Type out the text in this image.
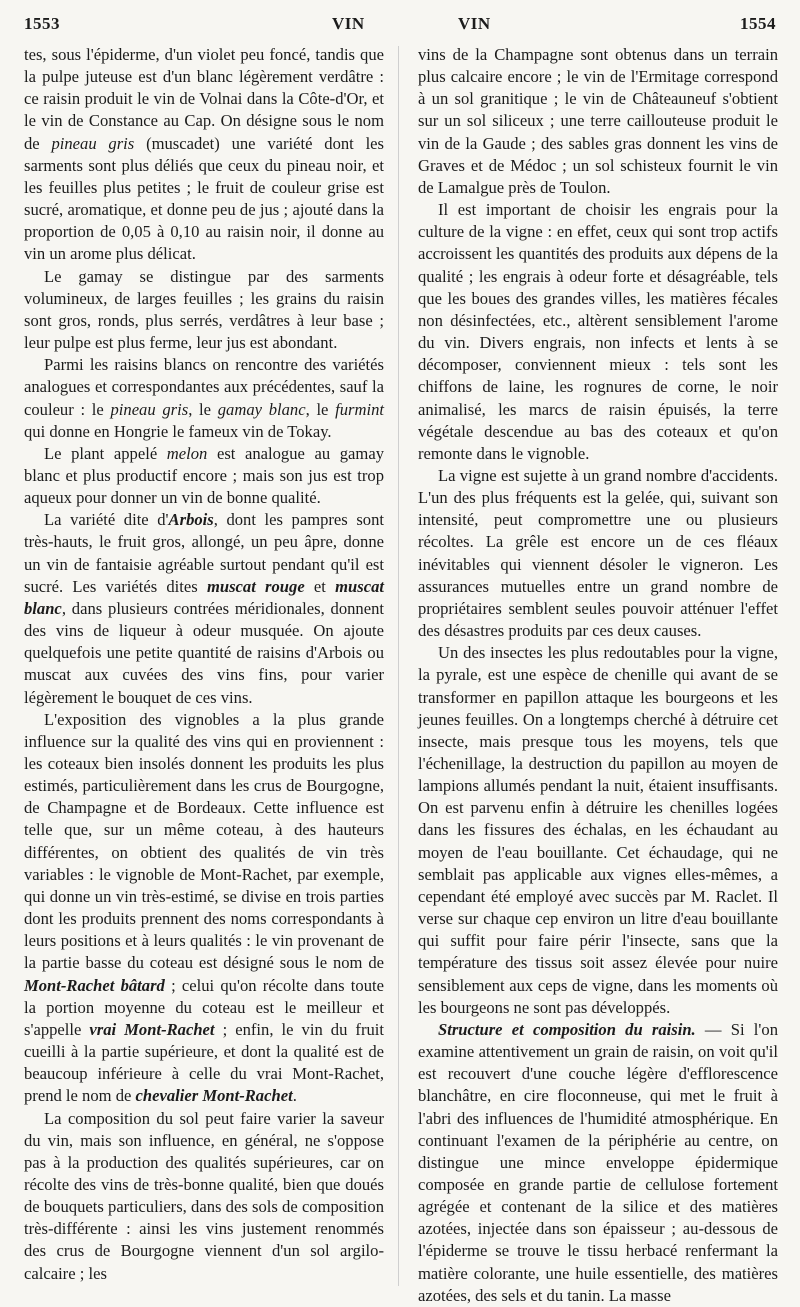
1553	VIN	VIN	1554

tes, sous l'épiderme, d'un violet peu foncé, tandis que la pulpe juteuse est d'un blanc légèrement verdâtre : ce raisin produit le vin de Volnai dans la Côte-d'Or, et le vin de Constance au Cap. On désigne sous le nom de pineau gris (muscadet) une variété dont les sarments sont plus déliés que ceux du pineau noir, et les feuilles plus petites ; le fruit de couleur grise est sucré, aromatique, et donne peu de jus ; ajouté dans la proportion de 0,05 à 0,10 au raisin noir, il donne au vin un arome plus délicat.

Le gamay se distingue par des sarments volumineux, de larges feuilles ; les grains du raisin sont gros, ronds, plus serrés, verdâtres à leur base ; leur pulpe est plus ferme, leur jus est abondant.

Parmi les raisins blancs on rencontre des variétés analogues et correspondantes aux précédentes, sauf la couleur : le pineau gris, le gamay blanc, le furmint qui donne en Hongrie le fameux vin de Tokay.

Le plant appelé melon est analogue au gamay blanc et plus productif encore ; mais son jus est trop aqueux pour donner un vin de bonne qualité.

La variété dite d'Arbois, dont les pampres sont très-hauts, le fruit gros, allongé, un peu âpre, donne un vin de fantaisie agréable surtout pendant qu'il est sucré. Les variétés dites muscat rouge et muscat blanc, dans plusieurs contrées méridionales, donnent des vins de liqueur à odeur musquée. On ajoute quelquefois une petite quantité de raisins d'Arbois ou muscat aux cuvées des vins fins, pour varier légèrement le bouquet de ces vins.

L'exposition des vignobles a la plus grande influence sur la qualité des vins qui en proviennent : les coteaux bien insolés donnent les produits les plus estimés, particulièrement dans les crus de Bourgogne, de Champagne et de Bordeaux. Cette influence est telle que, sur un même coteau, à des hauteurs différentes, on obtient des qualités de vin très variables : le vignoble de Mont-Rachet, par exemple, qui donne un vin très-estimé, se divise en trois parties dont les produits prennent des noms correspondants à leurs positions et à leurs qualités : le vin provenant de la partie basse du coteau est désigné sous le nom de Mont-Rachet bâtard ; celui qu'on récolte dans toute la portion moyenne du coteau est le meilleur et s'appelle vrai Mont-Rachet ; enfin, le vin du fruit cueilli à la partie supérieure, et dont la qualité est de beaucoup inférieure à celle du vrai Mont-Rachet, prend le nom de chevalier Mont-Rachet.

La composition du sol peut faire varier la saveur du vin, mais son influence, en général, ne s'oppose pas à la production des qualités supérieures, car on récolte des vins de très-bonne qualité, bien que doués de bouquets particuliers, dans des sols de composition très-différente : ainsi les vins justement renommés des crus de Bourgogne viennent d'un sol argilo-calcaire ; les

vins de la Champagne sont obtenus dans un terrain plus calcaire encore ; le vin de l'Ermitage correspond à un sol granitique ; le vin de Châteauneuf s'obtient sur un sol siliceux ; une terre caillouteuse produit le vin de la Gaude ; des sables gras donnent les vins de Graves et de Médoc ; un sol schisteux fournit le vin de Lamalgue près de Toulon.

Il est important de choisir les engrais pour la culture de la vigne : en effet, ceux qui sont trop actifs accroissent les quantités des produits aux dépens de la qualité ; les engrais à odeur forte et désagréable, tels que les boues des grandes villes, les matières fécales non désinfectées, etc., altèrent sensiblement l'arome du vin. Divers engrais, non infects et lents à se décomposer, conviennent mieux : tels sont les chiffons de laine, les rognures de corne, le noir animalisé, les marcs de raisin épuisés, la terre végétale descendue au bas des coteaux et qu'on remonte dans le vignoble.

La vigne est sujette à un grand nombre d'accidents. L'un des plus fréquents est la gelée, qui, suivant son intensité, peut compromettre une ou plusieurs récoltes. La grêle est encore un de ces fléaux inévitables qui viennent désoler le vigneron. Les assurances mutuelles entre un grand nombre de propriétaires semblent seules pouvoir atténuer l'effet des désastres produits par ces deux causes.

Un des insectes les plus redoutables pour la vigne, la pyrale, est une espèce de chenille qui avant de se transformer en papillon attaque les bourgeons et les jeunes feuilles. On a longtemps cherché à détruire cet insecte, mais presque tous les moyens, tels que l'échenillage, la destruction du papillon au moyen de lampions allumés pendant la nuit, étaient insuffisants. On est parvenu enfin à détruire les chenilles logées dans les fissures des échalas, en les échaudant au moyen de l'eau bouillante. Cet échaudage, qui ne semblait pas applicable aux vignes elles-mêmes, a cependant été employé avec succès par M. Raclet. Il verse sur chaque cep environ un litre d'eau bouillante qui suffit pour faire périr l'insecte, sans que la température des tissus soit assez élevée pour nuire sensiblement aux ceps de vigne, dans les moments où les bourgeons ne sont pas développés.

Structure et composition du raisin. — Si l'on examine attentivement un grain de raisin, on voit qu'il est recouvert d'une couche légère d'efflorescence blanchâtre, en cire floconneuse, qui met le fruit à l'abri des influences de l'humidité atmosphérique. En continuant l'examen de la périphérie au centre, on distingue une mince enveloppe épidermique composée en grande partie de cellulose fortement agrégée et contenant de la silice et des matières azotées, injectée dans son épaisseur ; au-dessous de l'épiderme se trouve le tissu herbacé renfermant la matière colorante, une huile essentielle, des matières azotées, des sels et du tanin. La masse
